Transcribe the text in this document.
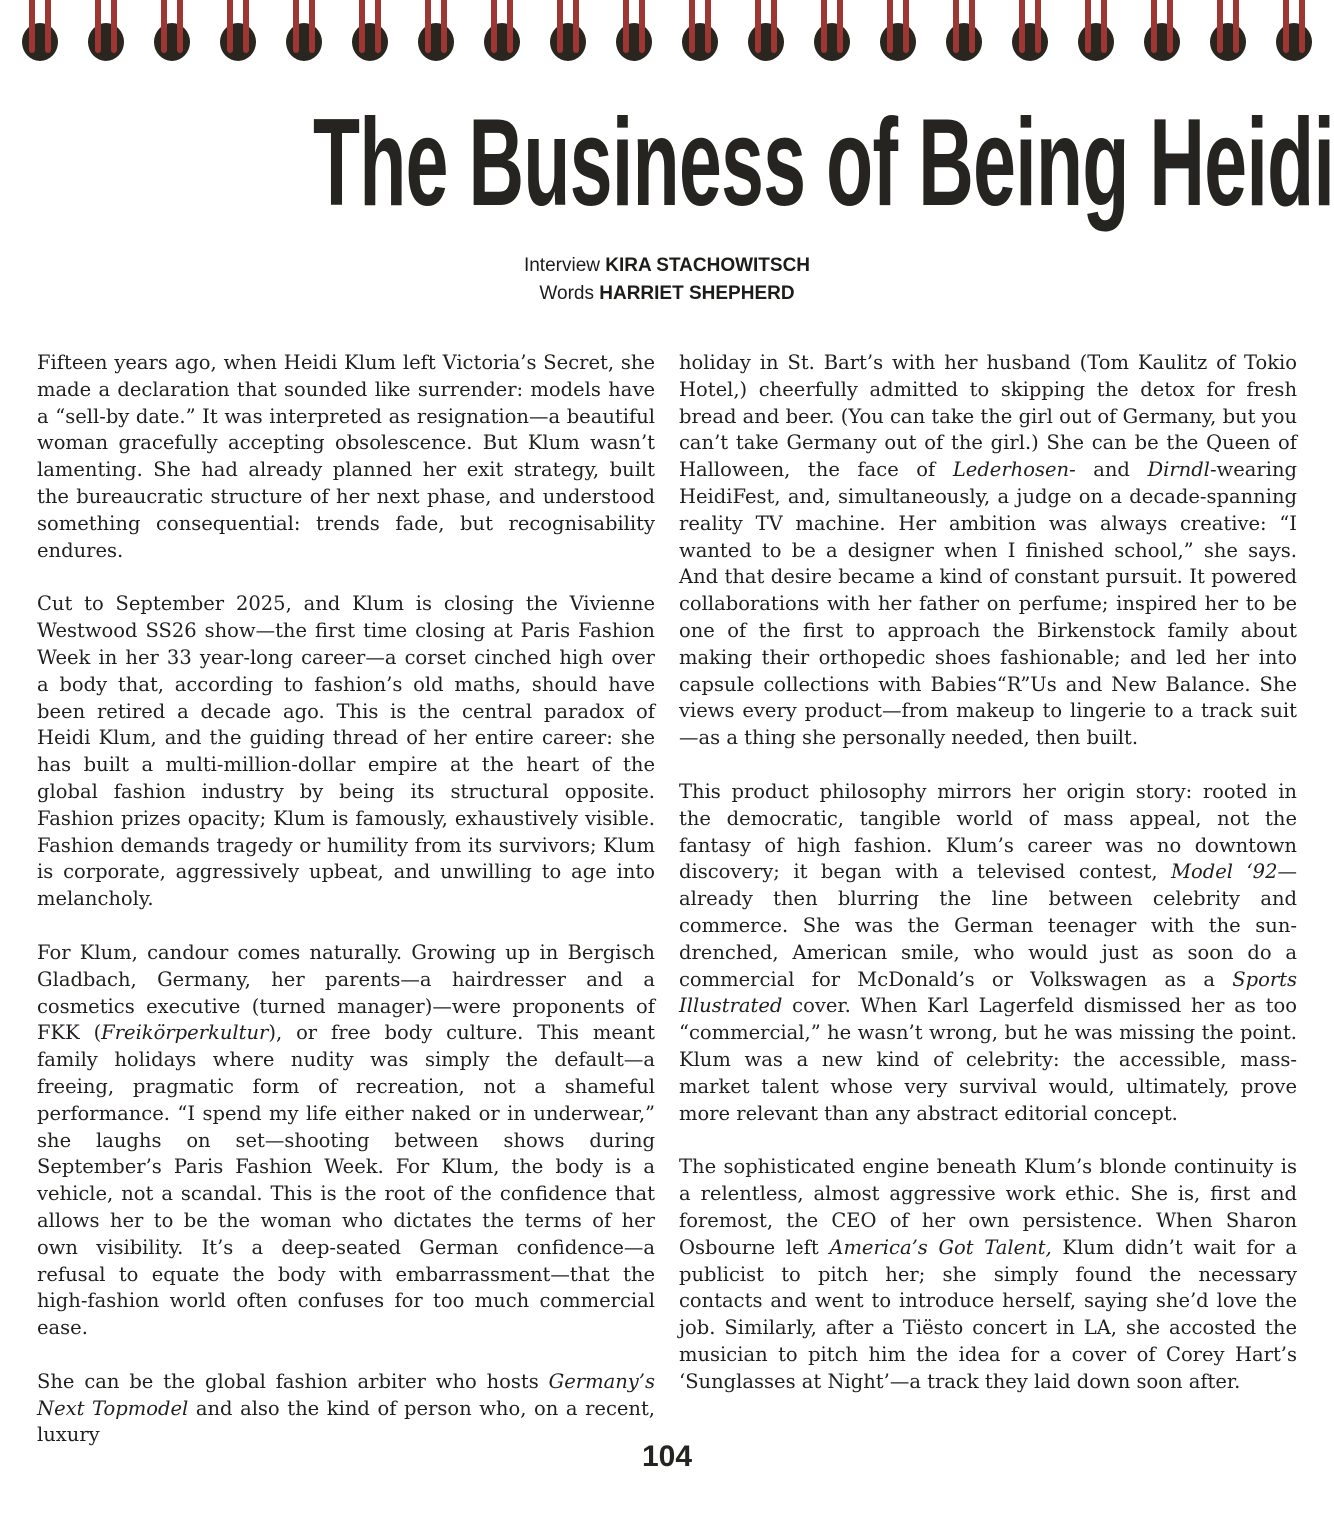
The Business of Being Heidi
Interview KIRA STACHOWITSCH
Words HARRIET SHEPHERD

Fifteen years ago, when Heidi Klum left Victoria’s Secret, she made a declaration that sounded like surrender: models have a “sell-by date.” It was interpreted as resignation—a beautiful woman gracefully accepting obsolescence. But Klum wasn’t lamenting. She had already planned her exit strategy, built the bureaucratic structure of her next phase, and understood something consequential: trends fade, but recognisability endures.

Cut to September 2025, and Klum is closing the Vivienne Westwood SS26 show—the first time closing at Paris Fashion Week in her 33 year-long career—a corset cinched high over a body that, according to fashion’s old maths, should have been retired a decade ago. This is the central paradox of Heidi Klum, and the guiding thread of her entire career: she has built a multi-million-dollar empire at the heart of the global fashion industry by being its structural opposite. Fashion prizes opacity; Klum is famously, exhaustively visible. Fashion demands tragedy or humility from its survivors; Klum is corporate, aggressively upbeat, and unwilling to age into melancholy.

For Klum, candour comes naturally. Growing up in Bergisch Gladbach, Germany, her parents—a hairdresser and a cosmetics executive (turned manager)—were proponents of FKK (Freikörperkultur), or free body culture. This meant family holidays where nudity was simply the default—a freeing, pragmatic form of recreation, not a shameful performance. “I spend my life either naked or in underwear,” she laughs on set—shooting between shows during September’s Paris Fashion Week. For Klum, the body is a vehicle, not a scandal. This is the root of the confidence that allows her to be the woman who dictates the terms of her own visibility. It’s a deep-seated German confidence—a refusal to equate the body with embarrassment—that the high-fashion world often confuses for too much commercial ease.

She can be the global fashion arbiter who hosts Germany’s Next Topmodel and also the kind of person who, on a recent, luxury

holiday in St. Bart’s with her husband (Tom Kaulitz of Tokio Hotel,) cheerfully admitted to skipping the detox for fresh bread and beer. (You can take the girl out of Germany, but you can’t take Germany out of the girl.) She can be the Queen of Halloween, the face of Lederhosen- and Dirndl-wearing HeidiFest, and, simultaneously, a judge on a decade-spanning reality TV machine. Her ambition was always creative: “I wanted to be a designer when I finished school,” she says. And that desire became a kind of constant pursuit. It powered collaborations with her father on perfume; inspired her to be one of the first to approach the Birkenstock family about making their orthopedic shoes fashionable; and led her into capsule collections with Babies“R”Us and New Balance. She views every product—from makeup to lingerie to a track suit—as a thing she personally needed, then built.

This product philosophy mirrors her origin story: rooted in the democratic, tangible world of mass appeal, not the fantasy of high fashion. Klum’s career was no downtown discovery; it began with a televised contest, Model ‘92—already then blurring the line between celebrity and commerce. She was the German teenager with the sun-drenched, American smile, who would just as soon do a commercial for McDonald’s or Volkswagen as a Sports Illustrated cover. When Karl Lagerfeld dismissed her as too “commercial,” he wasn’t wrong, but he was missing the point. Klum was a new kind of celebrity: the accessible, mass-market talent whose very survival would, ultimately, prove more relevant than any abstract editorial concept.

The sophisticated engine beneath Klum’s blonde continuity is a relentless, almost aggressive work ethic. She is, first and foremost, the CEO of her own persistence. When Sharon Osbourne left America’s Got Talent, Klum didn’t wait for a publicist to pitch her; she simply found the necessary contacts and went to introduce herself, saying she’d love the job. Similarly, after a Tiësto concert in LA, she accosted the musician to pitch him the idea for a cover of Corey Hart’s ‘Sunglasses at Night’—a track they laid down soon after.

104
